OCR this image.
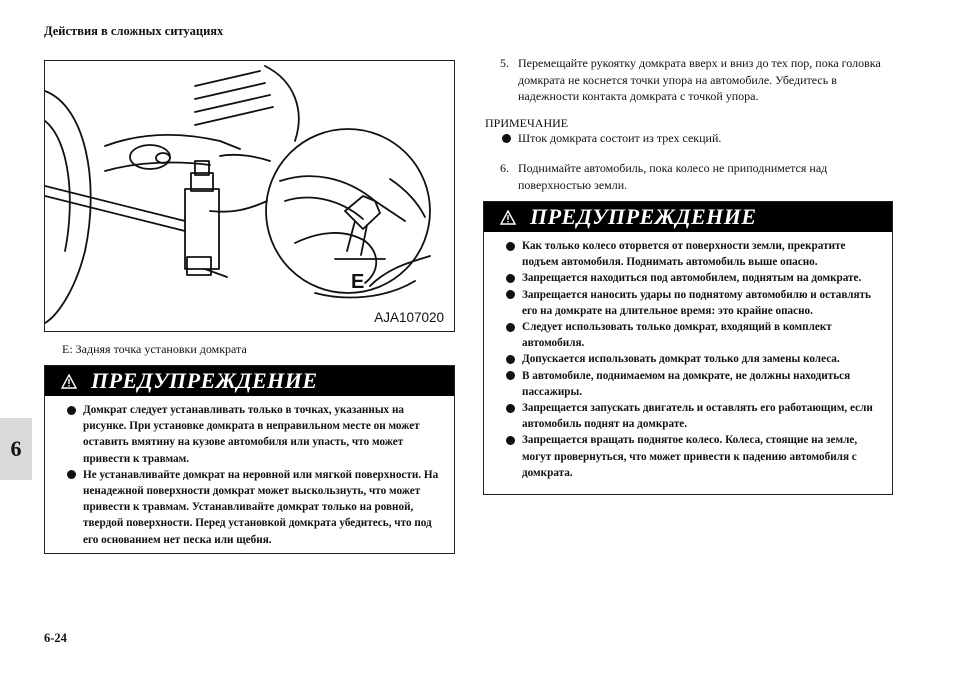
Действия в сложных ситуациях
6
E
AJA107020
E: Задняя точка установки домкрата
ПРЕДУПРЕЖДЕНИЕ
Домкрат следует устанавливать только в точках, указанных на рисунке. При установке домкрата в неправильном месте он может оставить вмятину на кузове автомобиля или упасть, что может привести к травмам.
Не устанавливайте домкрат на неровной или мягкой поверхности. На ненадежной поверхности домкрат может выскользнуть, что может привести к травмам. Устанавливайте домкрат только на ровной, твердой поверхности. Перед установкой домкрата убедитесь, что под его основанием нет песка или щебня.
5. Перемещайте рукоятку домкрата вверх и вниз до тех пор, пока головка домкрата не коснется точки упора на автомобиле. Убедитесь в надежности контакта домкрата с точкой упора.
ПРИМЕЧАНИЕ
Шток домкрата состоит из трех секций.
6. Поднимайте автомобиль, пока колесо не приподнимется над поверхностью земли.
ПРЕДУПРЕЖДЕНИЕ
Как только колесо оторвется от поверхности земли, прекратите подъем автомобиля. Поднимать автомобиль выше опасно.
Запрещается находиться под автомобилем, поднятым на домкрате.
Запрещается наносить удары по поднятому автомобилю и оставлять его на домкрате на длительное время: это крайне опасно.
Следует использовать только домкрат, входящий в комплект автомобиля.
Допускается использовать домкрат только для замены колеса.
В автомобиле, поднимаемом на домкрате, не должны находиться пассажиры.
Запрещается запускать двигатель и оставлять его работающим, если автомобиль поднят на домкрате.
Запрещается вращать поднятое колесо. Колеса, стоящие на земле, могут провернуться, что может привести к падению автомобиля с домкрата.
6-24
